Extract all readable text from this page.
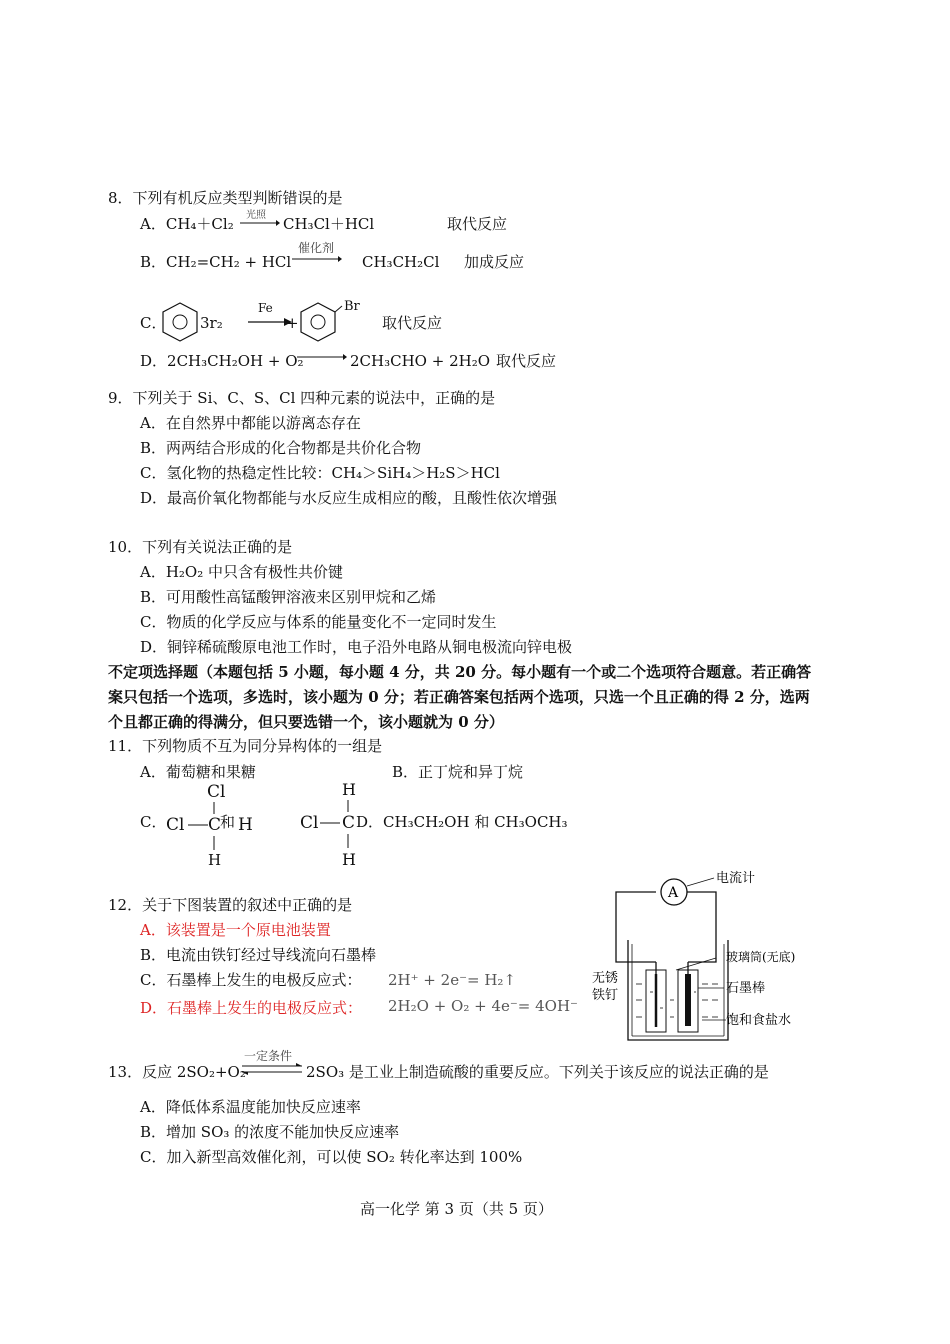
8．下列有机反应类型判断错误的是
A．CH₄＋Cl₂ 光照 CH₃Cl＋HCl	取代反应
B．CH₂=CH₂ + HCl
催化剂
CH₃CH₂Cl 加成反应
C． 3r₂
Fe
+
Br
取代反应
D．2CH₃CH₂OH + O₂	2CH₃CHO + 2H₂O 取代反应
9．下列关于 Si、C、S、Cl 四种元素的说法中，正确的是
A．在自然界中都能以游离态存在
B．两两结合形成的化合物都是共价化合物
C．氢化物的热稳定性比较：CH₄＞SiH₄＞H₂S＞HCl
D．最高价氧化物都能与水反应生成相应的酸，且酸性依次增强
10．下列有关说法正确的是
A．H₂O₂ 中只含有极性共价键
B．可用酸性高锰酸钾溶液来区别甲烷和乙烯
C．物质的化学反应与体系的能量变化不一定同时发生
D．铜锌稀硫酸原电池工作时，电子沿外电路从铜电极流向锌电极
不定项选择题（本题包括 5 小题，每小题 4 分，共 20 分。每小题有一个或二个选项符合题意。若正确答
案只包括一个选项，多选时，该小题为 0 分；若正确答案包括两个选项，只选一个且正确的得 2 分，选两
个且都正确的得满分，但只要选错一个，该小题就为 0 分）
11．下列物质不互为同分异构体的一组是
A．葡萄糖和果糖	B．正丁烷和异丁烷
C．
Cl
Cl C H
H
和
H
Cl C
H
D．CH₃CH₂OH 和 CH₃OCH₃
12．关于下图装置的叙述中正确的是
A．该装置是一个原电池装置
B．电流由铁钉经过导线流向石墨棒
C．石墨棒上发生的电极反应式： 2H⁺ + 2e⁻= H₂↑
D．石墨棒上发生的电极反应式： 2H₂O + O₂ + 4e⁻= 4OH⁻
A
电流计
玻璃筒(无底)
石墨棒
无锈
铁钉
饱和食盐水
13．反应 2SO₂+O₂
一定条件
2SO₃ 是工业上制造硫酸的重要反应。下列关于该反应的说法正确的是
A．降低体系温度能加快反应速率
B．增加 SO₃ 的浓度不能加快反应速率
C．加入新型高效催化剂，可以使 SO₂ 转化率达到 100%
高一化学 第 3 页（共 5 页）
